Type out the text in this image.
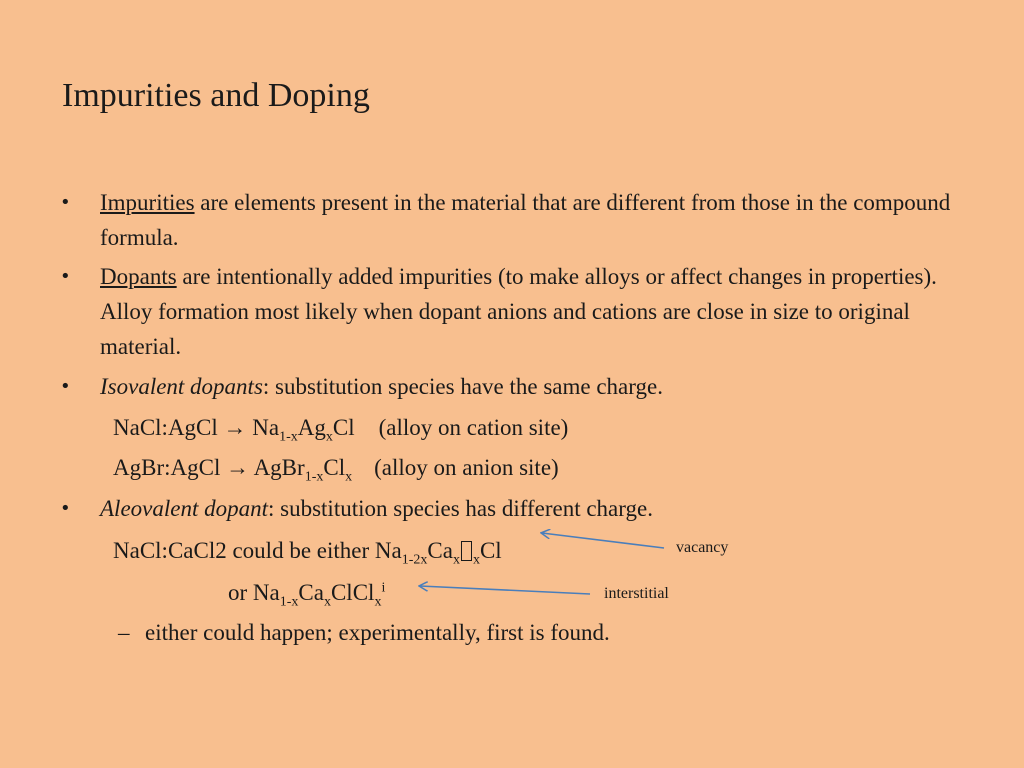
Impurities and Doping
• Impurities are elements present in the material that are different from those in the compound formula.
• Dopants are intentionally added impurities (to make alloys or affect changes in properties). Alloy formation most likely when dopant anions and cations are close in size to original material.
• Isovalent dopants: substitution species have the same charge.
NaCl:AgCl → $Na_{1-x}Ag_xCl$ (alloy on cation site)
AgBr:AgCl → $AgBr_{1-x}Cl_x$ (alloy on anion site)
• Aleovalent dopant: substitution species has different charge.
NaCl:CaCl2 could be either $Na_{1-2x}Ca_x$ $_x$Cl
or $Na_{1-x}Ca_xClCl_x^i$
– either could happen; experimentally, first is found.
vacancy
interstitial
